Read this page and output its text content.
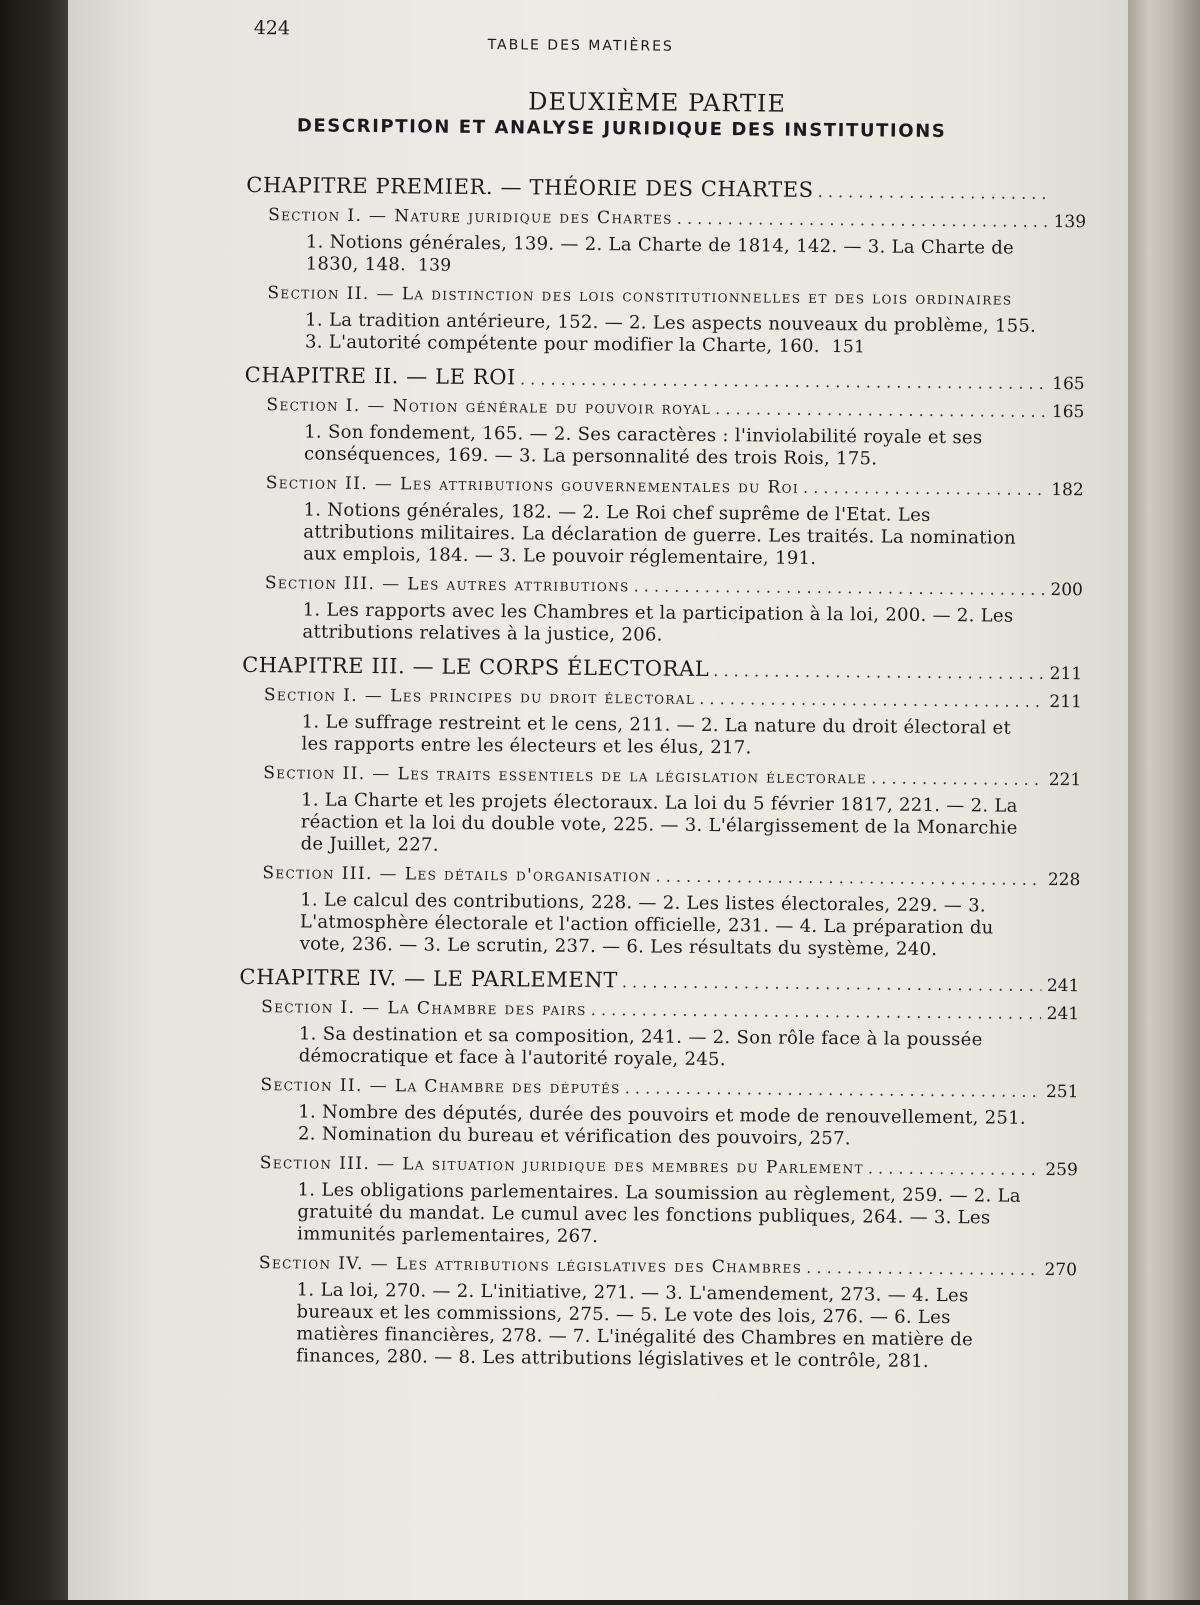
424
TABLE DES MATIÈRES
DEUXIÈME PARTIE
DESCRIPTION ET ANALYSE JURIDIQUE DES INSTITUTIONS
CHAPITRE PREMIER. — THÉORIE DES CHARTES
. . .
Section I. — Nature juridique des Chartes . . .	139
1. Notions générales, 139. — 2. La Charte de 1814, 142. — 3. La Charte de 1830, 148. 139
Section II. — La distinction des lois constitutionnelles et des lois ordinaires
1. La tradition antérieure, 152. — 2. Les aspects nouveaux du problème, 155. 3. L'autorité compétente pour modifier la Charte, 160. 151
CHAPITRE II. — LE ROI . . .	165
Section I. — Notion générale du pouvoir royal . . .	165
1. Son fondement, 165. — 2. Ses caractères : l'inviolabilité royale et ses conséquences, 169. — 3. La personnalité des trois Rois, 175.
Section II. — Les attributions gouvernementales du Roi . . .	182
1. Notions générales, 182. — 2. Le Roi chef suprême de l'Etat. Les attributions militaires. La déclaration de guerre. Les traités. La nomination aux emplois, 184. — 3. Le pouvoir réglementaire, 191.
Section III. — Les autres attributions . . .	200
1. Les rapports avec les Chambres et la participation à la loi, 200. — 2. Les attributions relatives à la justice, 206.
CHAPITRE III. — LE CORPS ÉLECTORAL . . .	211
Section I. — Les principes du droit électoral . . .	211
1. Le suffrage restreint et le cens, 211. — 2. La nature du droit électoral et les rapports entre les électeurs et les élus, 217.
Section II. — Les traits essentiels de la législation électorale . . .	221
1. La Charte et les projets électoraux. La loi du 5 février 1817, 221. — 2. La réaction et la loi du double vote, 225. — 3. L'élargissement de la Monarchie de Juillet, 227.
Section III. — Les détails d'organisation . . .	228
1. Le calcul des contributions, 228. — 2. Les listes électorales, 229. — 3. L'atmosphère électorale et l'action officielle, 231. — 4. La préparation du vote, 236. — 3. Le scrutin, 237. — 6. Les résultats du système, 240.
CHAPITRE IV. — LE PARLEMENT . . .	241
Section I. — La Chambre des pairs . . .	241
1. Sa destination et sa composition, 241. — 2. Son rôle face à la poussée démocratique et face à l'autorité royale, 245.
Section II. — La Chambre des députés . . .	251
1. Nombre des députés, durée des pouvoirs et mode de renouvellement, 251. 2. Nomination du bureau et vérification des pouvoirs, 257.
Section III. — La situation juridique des membres du Parlement . . .	259
1. Les obligations parlementaires. La soumission au règlement, 259. — 2. La gratuité du mandat. Le cumul avec les fonctions publiques, 264. — 3. Les immunités parlementaires, 267.
Section IV. — Les attributions législatives des Chambres . . .	270
1. La loi, 270. — 2. L'initiative, 271. — 3. L'amendement, 273. — 4. Les bureaux et les commissions, 275. — 5. Le vote des lois, 276. — 6. Les matières financières, 278. — 7. L'inégalité des Chambres en matière de finances, 280. — 8. Les attributions législatives et le contrôle, 281.
